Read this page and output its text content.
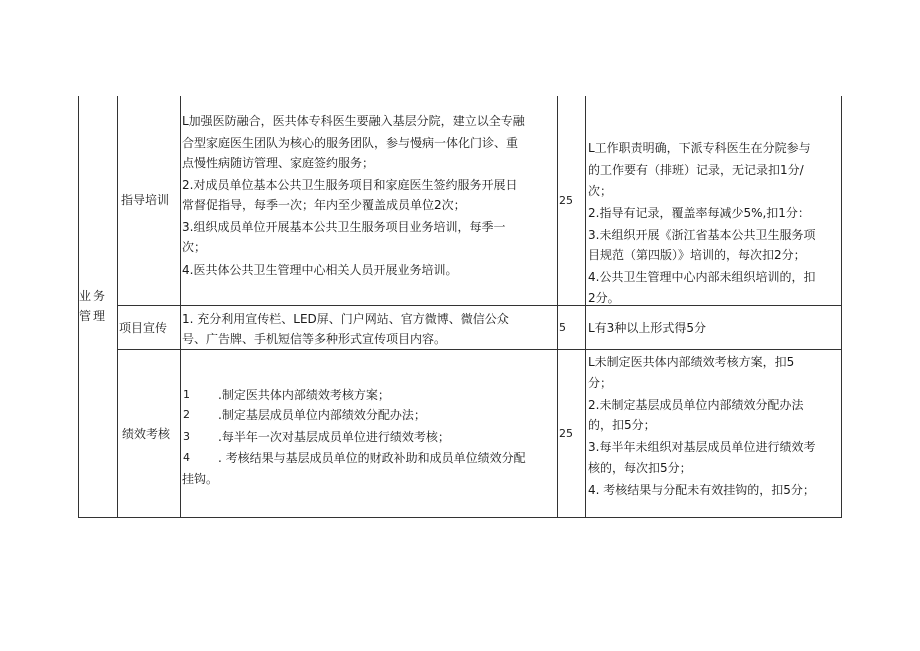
业务管理
指导培训
L加强医防融合，医共体专科医生要融入基层分院，建立以全专融
合型家庭医生团队为核心的服务团队，参与慢病一体化门诊、重
点慢性病随访管理、家庭签约服务；
2.对成员单位基本公共卫生服务项目和家庭医生签约服务开展日
常督促指导，每季一次；年内至少覆盖成员单位2次；
3.组织成员单位开展基本公共卫生服务项目业务培训，每季一
次；
4.医共体公共卫生管理中心相关人员开展业务培训。
25
L工作职责明确，下派专科医生在分院参与
的工作要有（排班）记录，无记录扣1分/
次；
2.指导有记录，覆盖率每减少5%,扣1分：
3.未组织开展《浙江省基本公共卫生服务项
目规范（第四版）》培训的，每次扣2分；
4.公共卫生管理中心内部未组织培训的，扣
2分。
项目宣传
1. 充分利用宣传栏、LED屏、门户网站、官方微博、微信公众
号、广告牌、手机短信等多种形式宣传项目内容。
5 L有3种以上形式得5分
绩效考核
1
2
3
4
.制定医共体内部绩效考核方案；
.制定基层成员单位内部绩效分配办法；
.每半年一次对基层成员单位进行绩效考核；
. 考核结果与基层成员单位的财政补助和成员单位绩效分配
挂钩。
25
L未制定医共体内部绩效考核方案，扣5
分；
2.未制定基层成员单位内部绩效分配办法
的，扣5分；
3.每半年未组织对基层成员单位进行绩效考
核的，每次扣5分；
4. 考核结果与分配未有效挂钩的，扣5分；
